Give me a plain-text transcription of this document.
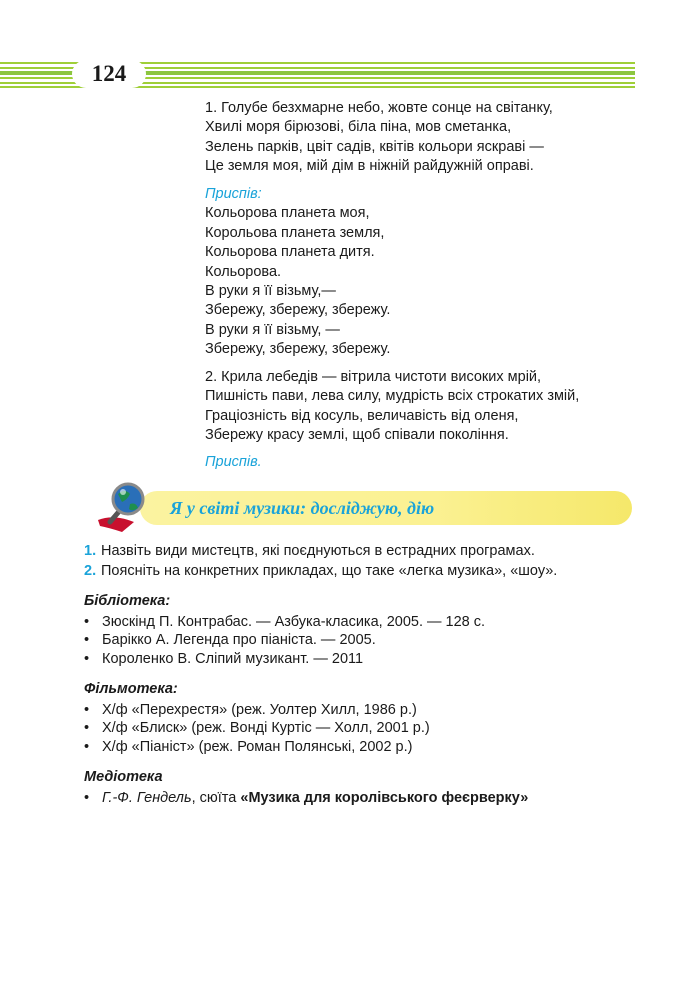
124
1. Голубе безхмарне небо, жовте сонце на світанку,
Хвилі моря бірюзові, біла піна, мов сметанка,
Зелень парків, цвіт садів, квітів кольори яскраві —
Це земля моя, мій дім в ніжній райдужній оправі.
Приспів:
Кольорова планета моя,
Корольова планета земля,
Кольорова планета дитя.
Кольорова.
В руки я її візьму,—
Збережу, збережу, збережу.
В руки я її візьму, —
Збережу, збережу, збережу.
2. Крила лебедів — вітрила чистоти високих мрій,
Пишність пави, лева силу, мудрість всіх строкатих змій,
Граціозність від косуль, величавість від оленя,
Збережу красу землі, щоб співали покоління.
Приспів.
Я у світі музики: досліджую, дію
1. Назвіть види мистецтв, які поєднуються в естрадних програмах.
2. Поясніть на конкретних прикладах, що таке «легка музика», «шоу».
Бібліотека:
• Зюскінд П. Контрабас. — Азбука-класика, 2005. — 128 с.
• Барікко А. Легенда про піаніста. — 2005.
• Короленко В. Сліпий музикант. — 2011
Фільмотека:
• Х/ф «Перехрестя» (реж. Уолтер Хилл, 1986 р.)
• Х/ф «Блиск» (реж. Вонді Куртіс — Холл, 2001 р.)
• Х/ф «Піаніст» (реж. Роман Полянські, 2002 р.)
Медіотека
• Г.-Ф. Гендель, сюїта «Музика для королівського феєрверку»
